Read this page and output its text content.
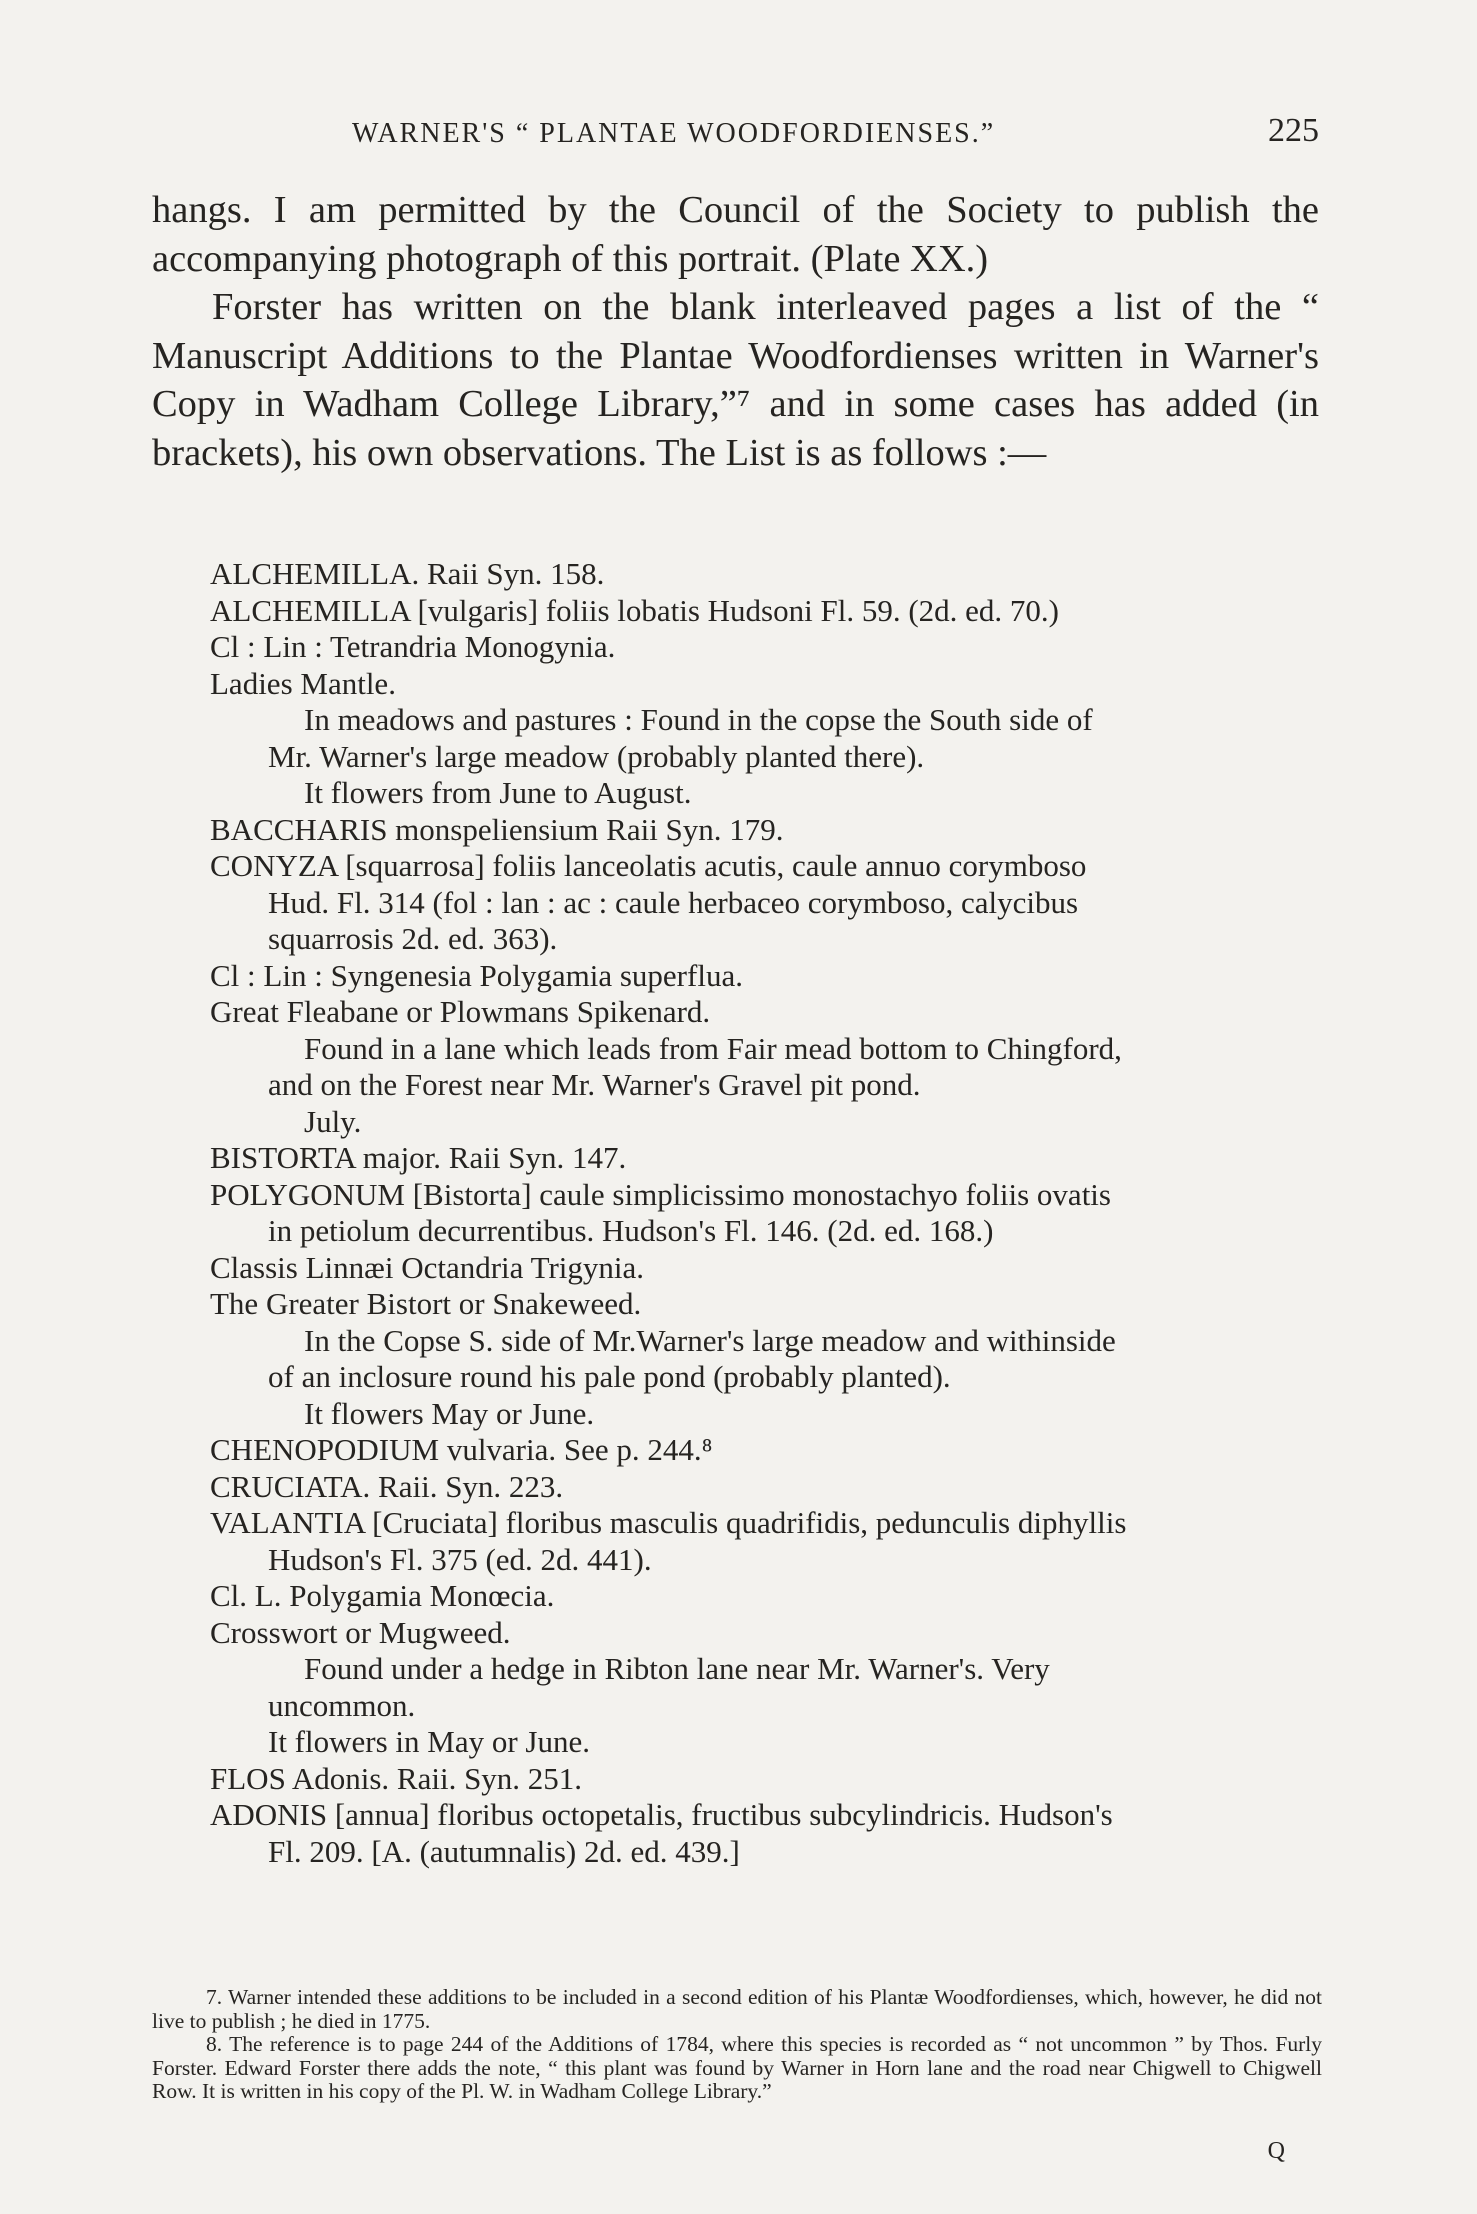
WARNER'S “ PLANTAE WOODFORDIENSES.”	225

hangs. I am permitted by the Council of the Society to publish the accompanying photograph of this portrait. (Plate XX.)

Forster has written on the blank interleaved pages a list of the “ Manuscript Additions to the Plantae Woodfordienses written in Warner's Copy in Wadham College Library,”⁷ and in some cases has added (in brackets), his own observations. The List is as follows :—

ALCHEMILLA. Raii Syn. 158.
ALCHEMILLA [vulgaris] foliis lobatis Hudsoni Fl. 59. (2d. ed. 70.)
Cl : Lin : Tetrandria Monogynia.
Ladies Mantle.
In meadows and pastures : Found in the copse the South side of
Mr. Warner's large meadow (probably planted there).
It flowers from June to August.
BACCHARIS monspeliensium Raii Syn. 179.
CONYZA [squarrosa] foliis lanceolatis acutis, caule annuo corymboso
Hud. Fl. 314 (fol : lan : ac : caule herbaceo corymboso, calycibus
squarrosis 2d. ed. 363).
Cl : Lin : Syngenesia Polygamia superflua.
Great Fleabane or Plowmans Spikenard.
Found in a lane which leads from Fair mead bottom to Chingford,
and on the Forest near Mr. Warner's Gravel pit pond.
July.
BISTORTA major. Raii Syn. 147.
POLYGONUM [Bistorta] caule simplicissimo monostachyo foliis ovatis
in petiolum decurrentibus. Hudson's Fl. 146. (2d. ed. 168.)
Classis Linnæi Octandria Trigynia.
The Greater Bistort or Snakeweed.
In the Copse S. side of Mr.Warner's large meadow and withinside
of an inclosure round his pale pond (probably planted).
It flowers May or June.
CHENOPODIUM vulvaria. See p. 244.⁸
CRUCIATA. Raii. Syn. 223.
VALANTIA [Cruciata] floribus masculis quadrifidis, pedunculis diphyllis
Hudson's Fl. 375 (ed. 2d. 441).
Cl. L. Polygamia Monœcia.
Crosswort or Mugweed.
Found under a hedge in Ribton lane near Mr. Warner's. Very
uncommon.
It flowers in May or June.
FLOS Adonis. Raii. Syn. 251.
ADONIS [annua] floribus octopetalis, fructibus subcylindricis. Hudson's
Fl. 209. [A. (autumnalis) 2d. ed. 439.]

7. Warner intended these additions to be included in a second edition of his Plantæ Woodfordienses, which, however, he did not live to publish ; he died in 1775.

8. The reference is to page 244 of the Additions of 1784, where this species is recorded as “ not uncommon ” by Thos. Furly Forster. Edward Forster there adds the note, “ this plant was found by Warner in Horn lane and the road near Chigwell to Chigwell Row. It is written in his copy of the Pl. W. in Wadham College Library.”

Q
